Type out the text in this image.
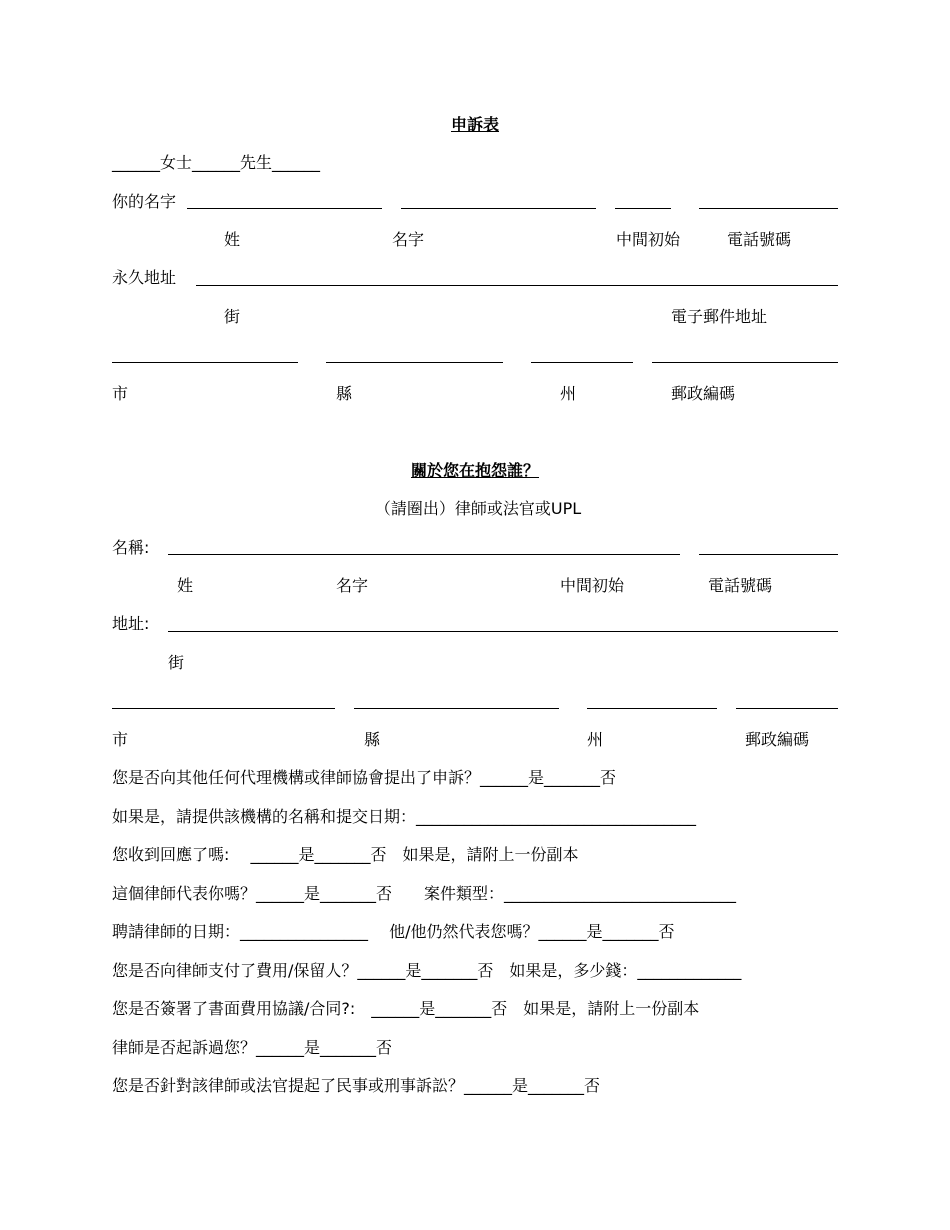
申訴表
______女士______先生______
你的名字
姓	名字	中間初始	電話號碼
永久地址
街	電子郵件地址
市	縣	州	郵政編碼
關於您在抱怨誰？
（請圈出）律師或法官或UPL
名稱:
姓	名字	中間初始	電話號碼
地址:
街
市	縣	州	郵政編碼
您是否向其他任何代理機構或律師協會提出了申訴？______是_______否
如果是，請提供該機構的名稱和提交日期：___________________________________
您收到回應了嗎:　 ______是_______否　如果是，請附上一份副本
這個律師代表你嗎？______是_______否　　案件類型：_____________________________
聘請律師的日期：________________　 他/他仍然代表您嗎？______是_______否
您是否向律師支付了費用/保留人？______是_______否　如果是，多少錢：_____________
您是否簽署了書面費用協議/合同?:　______是_______否　如果是，請附上一份副本
律師是否起訴過您？______是_______否
您是否針對該律師或法官提起了民事或刑事訴訟？______是_______否
